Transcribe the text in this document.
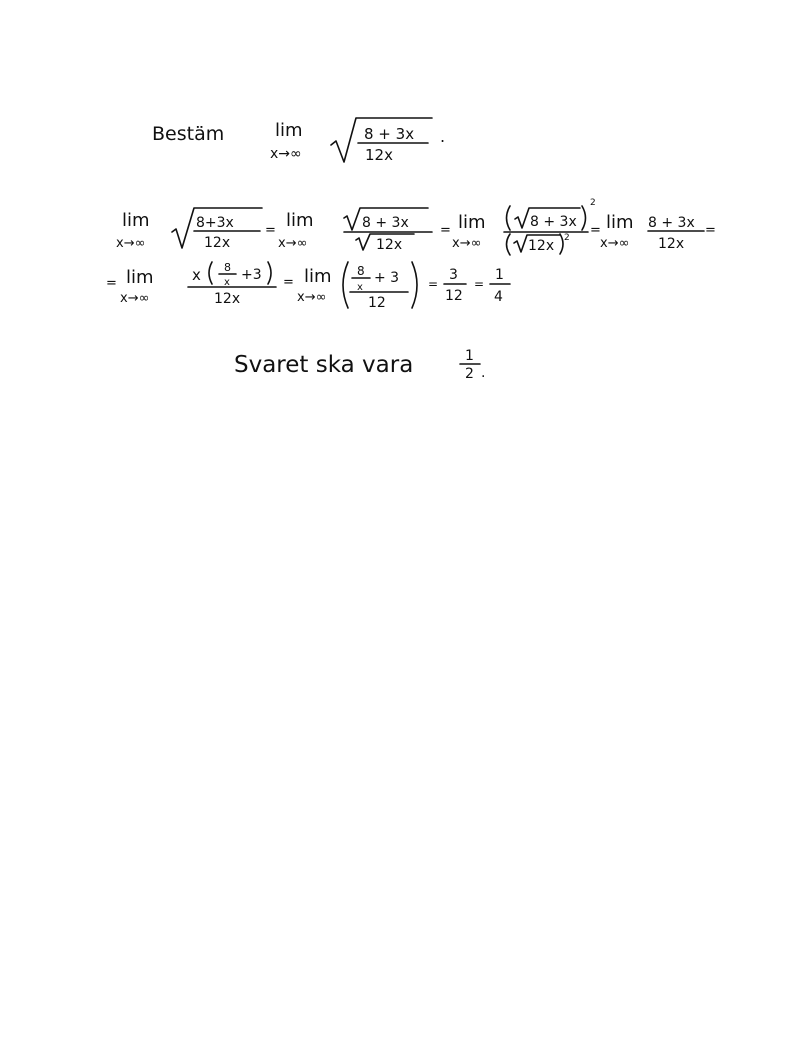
Bestäm	lim
x→∞
8 + 3x
12x
.
lim
x→∞
8+3x
12x
= lim
x→∞
8 + 3x
12x
= lim
x→∞
8 + 3x
2
12x 2 = lim
x→∞
8 + 3x
12x
=
= lim
x→∞
x 8
x +3
12x
= lim
x→∞
8
x
+ 3
12
=
3
12
=
1
4
Svaret ska vara	1
2 .
